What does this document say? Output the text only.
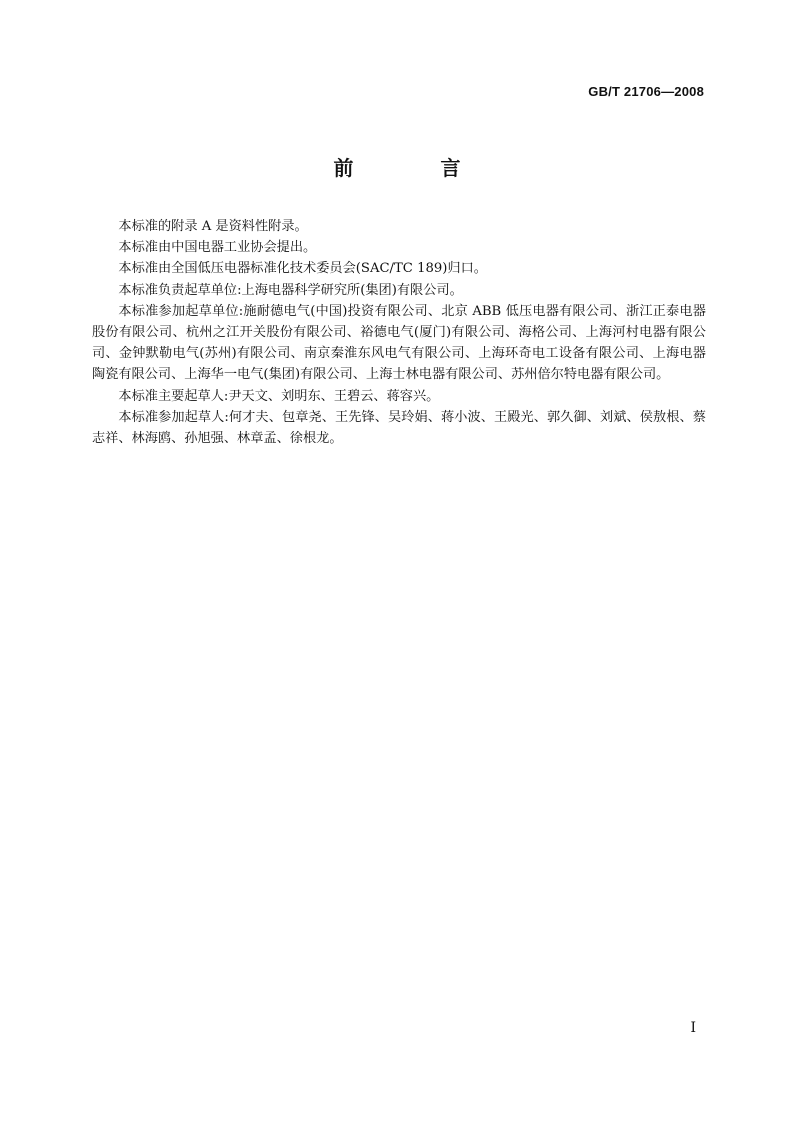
GB/T 21706—2008
前 言

本标准的附录 A 是资料性附录。

本标准由中国电器工业协会提出。

本标准由全国低压电器标准化技术委员会(SAC/TC 189)归口。

本标准负责起草单位:上海电器科学研究所(集团)有限公司。

本标准参加起草单位:施耐德电气(中国)投资有限公司、北京 ABB 低压电器有限公司、浙江正泰电器股份有限公司、杭州之江开关股份有限公司、裕德电气(厦门)有限公司、海格公司、上海河村电器有限公司、金钟默勒电气(苏州)有限公司、南京秦淮东风电气有限公司、上海环奇电工设备有限公司、上海电器陶瓷有限公司、上海华一电气(集团)有限公司、上海士林电器有限公司、苏州倍尔特电器有限公司。

本标准主要起草人:尹天文、刘明东、王碧云、蒋容兴。

本标准参加起草人:何才夫、包章尧、王先锋、吴玲娟、蒋小波、王殿光、郭久御、刘斌、侯敖根、蔡志祥、林海鸥、孙旭强、林章孟、徐根龙。

I
